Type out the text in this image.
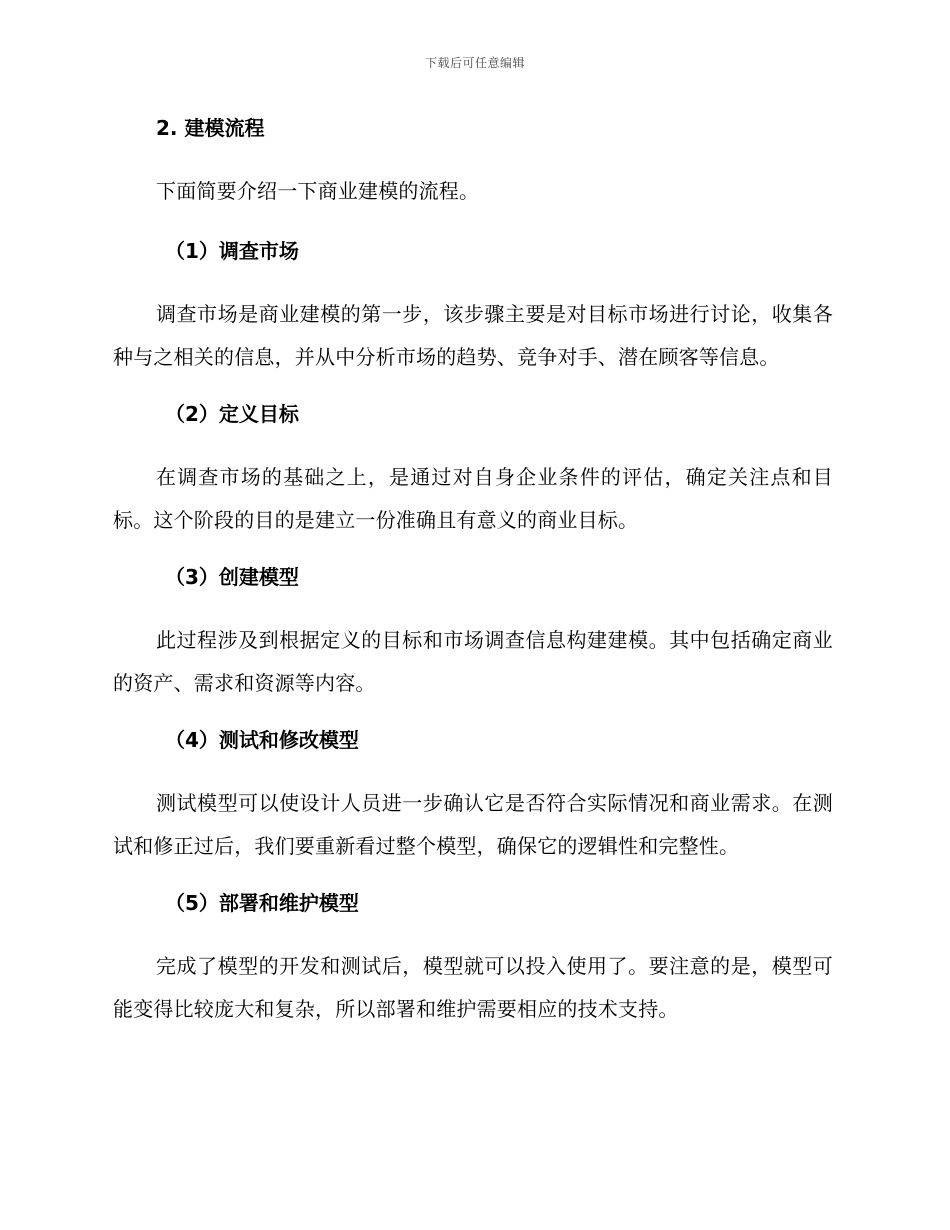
下载后可任意编辑
2. 建模流程

下面简要介绍一下商业建模的流程。

（1）调查市场

调查市场是商业建模的第一步，该步骤主要是对目标市场进行讨论，收集各种与之相关的信息，并从中分析市场的趋势、竞争对手、潜在顾客等信息。

（2）定义目标

在调查市场的基础之上，是通过对自身企业条件的评估，确定关注点和目标。这个阶段的目的是建立一份准确且有意义的商业目标。

（3）创建模型

此过程涉及到根据定义的目标和市场调查信息构建建模。其中包括确定商业的资产、需求和资源等内容。

（4）测试和修改模型

测试模型可以使设计人员进一步确认它是否符合实际情况和商业需求。在测试和修正过后，我们要重新看过整个模型，确保它的逻辑性和完整性。

（5）部署和维护模型

完成了模型的开发和测试后，模型就可以投入使用了。要注意的是，模型可能变得比较庞大和复杂，所以部署和维护需要相应的技术支持。
